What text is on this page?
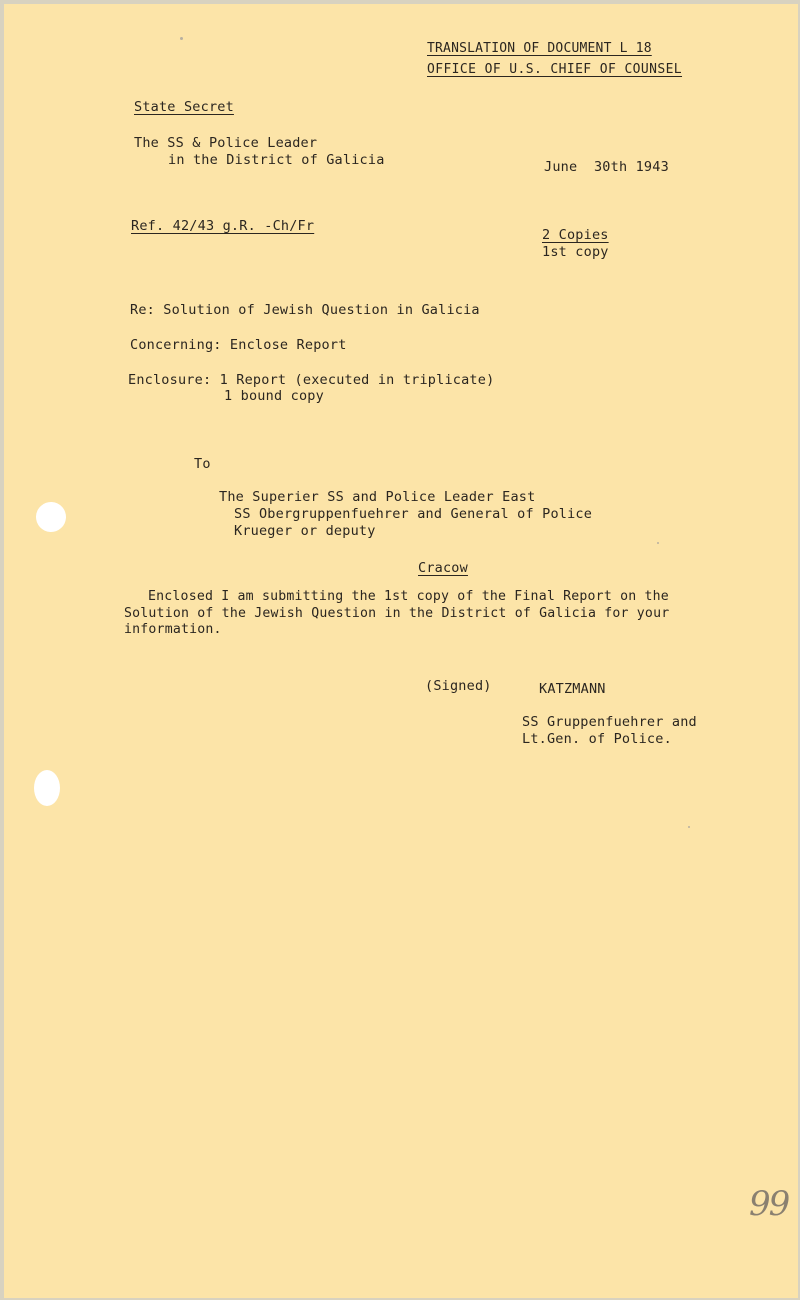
TRANSLATION OF DOCUMENT L 18
OFFICE OF U.S. CHIEF OF COUNSEL
State Secret
The SS & Police Leader
in the District of Galicia	June  30th 1943
Ref. 42/43 g.R. -Ch/Fr
2 Copies
1st copy
Re: Solution of Jewish Question in Galicia
Concerning: Enclose Report
Enclosure: 1 Report (executed in triplicate)
1 bound copy
To
The Superier SS and Police Leader East
SS Obergruppenfuehrer and General of Police
Krueger or deputy
Cracow
Enclosed I am submitting the 1st copy of the Final Report on the
Solution of the Jewish Question in the District of Galicia for your
information.
(Signed)	KATZMANN
SS Gruppenfuehrer and
Lt.Gen. of Police.
99
